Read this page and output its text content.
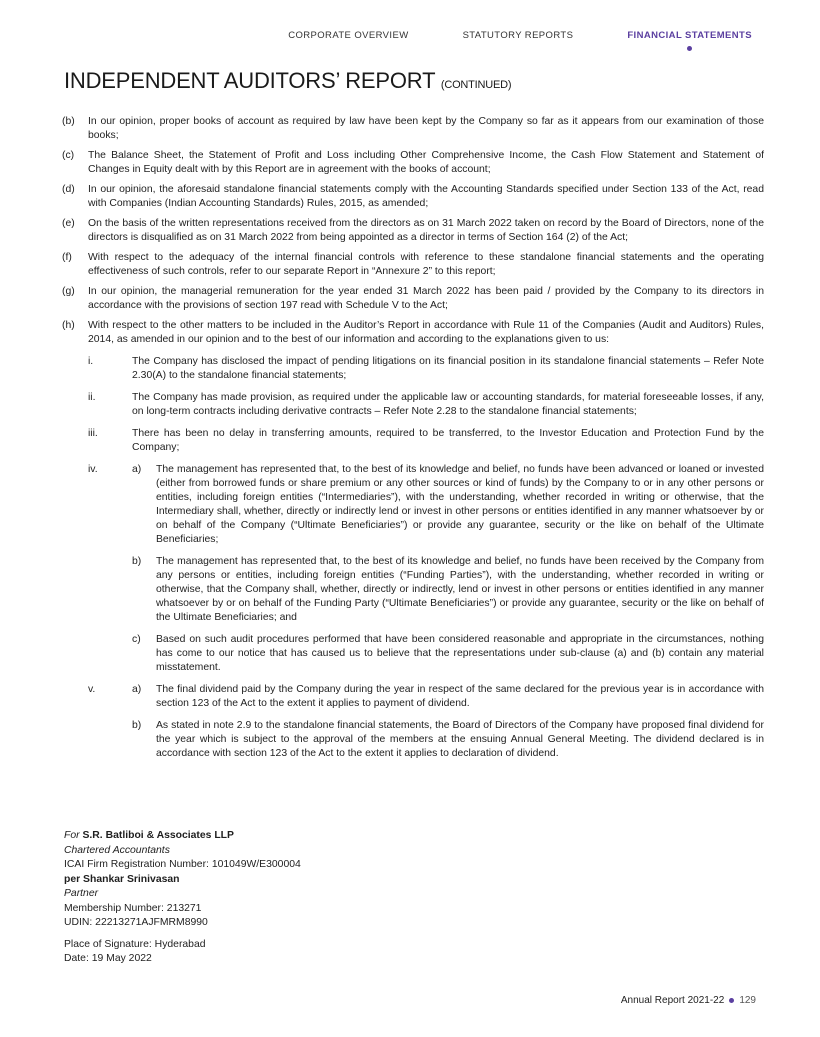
CORPORATE OVERVIEW	STATUTORY REPORTS	FINANCIAL STATEMENTS
INDEPENDENT AUDITORS’ REPORT (CONTINUED)
(b) In our opinion, proper books of account as required by law have been kept by the Company so far as it appears from our examination of those books;
(c) The Balance Sheet, the Statement of Profit and Loss including Other Comprehensive Income, the Cash Flow Statement and Statement of Changes in Equity dealt with by this Report are in agreement with the books of account;
(d) In our opinion, the aforesaid standalone financial statements comply with the Accounting Standards specified under Section 133 of the Act, read with Companies (Indian Accounting Standards) Rules, 2015, as amended;
(e) On the basis of the written representations received from the directors as on 31 March 2022 taken on record by the Board of Directors, none of the directors is disqualified as on 31 March 2022 from being appointed as a director in terms of Section 164 (2) of the Act;
(f) With respect to the adequacy of the internal financial controls with reference to these standalone financial statements and the operating effectiveness of such controls, refer to our separate Report in “Annexure 2” to this report;
(g) In our opinion, the managerial remuneration for the year ended 31 March 2022 has been paid / provided by the Company to its directors in accordance with the provisions of section 197 read with Schedule V to the Act;
(h) With respect to the other matters to be included in the Auditor’s Report in accordance with Rule 11 of the Companies (Audit and Auditors) Rules, 2014, as amended in our opinion and to the best of our information and according to the explanations given to us:
i.	The Company has disclosed the impact of pending litigations on its financial position in its standalone financial statements – Refer Note 2.30(A) to the standalone financial statements;
ii.	The Company has made provision, as required under the applicable law or accounting standards, for material foreseeable losses, if any, on long-term contracts including derivative contracts – Refer Note 2.28 to the standalone financial statements;
iii.	There has been no delay in transferring amounts, required to be transferred, to the Investor Education and Protection Fund by the Company;
iv.	a) The management has represented that, to the best of its knowledge and belief, no funds have been advanced or loaned or invested (either from borrowed funds or share premium or any other sources or kind of funds) by the Company to or in any other persons or entities, including foreign entities (“Intermediaries”), with the understanding, whether recorded in writing or otherwise, that the Intermediary shall, whether, directly or indirectly lend or invest in other persons or entities identified in any manner whatsoever by or on behalf of the Company (“Ultimate Beneficiaries”) or provide any guarantee, security or the like on behalf of the Ultimate Beneficiaries;
b) The management has represented that, to the best of its knowledge and belief, no funds have been received by the Company from any persons or entities, including foreign entities (“Funding Parties”), with the understanding, whether recorded in writing or otherwise, that the Company shall, whether, directly or indirectly, lend or invest in other persons or entities identified in any manner whatsoever by or on behalf of the Funding Party (“Ultimate Beneficiaries”) or provide any guarantee, security or the like on behalf of the Ultimate Beneficiaries; and
c) Based on such audit procedures performed that have been considered reasonable and appropriate in the circumstances, nothing has come to our notice that has caused us to believe that the representations under sub-clause (a) and (b) contain any material misstatement.
v.	a) The final dividend paid by the Company during the year in respect of the same declared for the previous year is in accordance with section 123 of the Act to the extent it applies to payment of dividend.
b) As stated in note 2.9 to the standalone financial statements, the Board of Directors of the Company have proposed final dividend for the year which is subject to the approval of the members at the ensuing Annual General Meeting. The dividend declared is in accordance with section 123 of the Act to the extent it applies to declaration of dividend.
For S.R. Batliboi & Associates LLP
Chartered Accountants
ICAI Firm Registration Number: 101049W/E300004
per Shankar Srinivasan
Partner
Membership Number: 213271
UDIN: 22213271AJFMRM8990
Place of Signature: Hyderabad
Date: 19 May 2022
Annual Report 2021-22 129
